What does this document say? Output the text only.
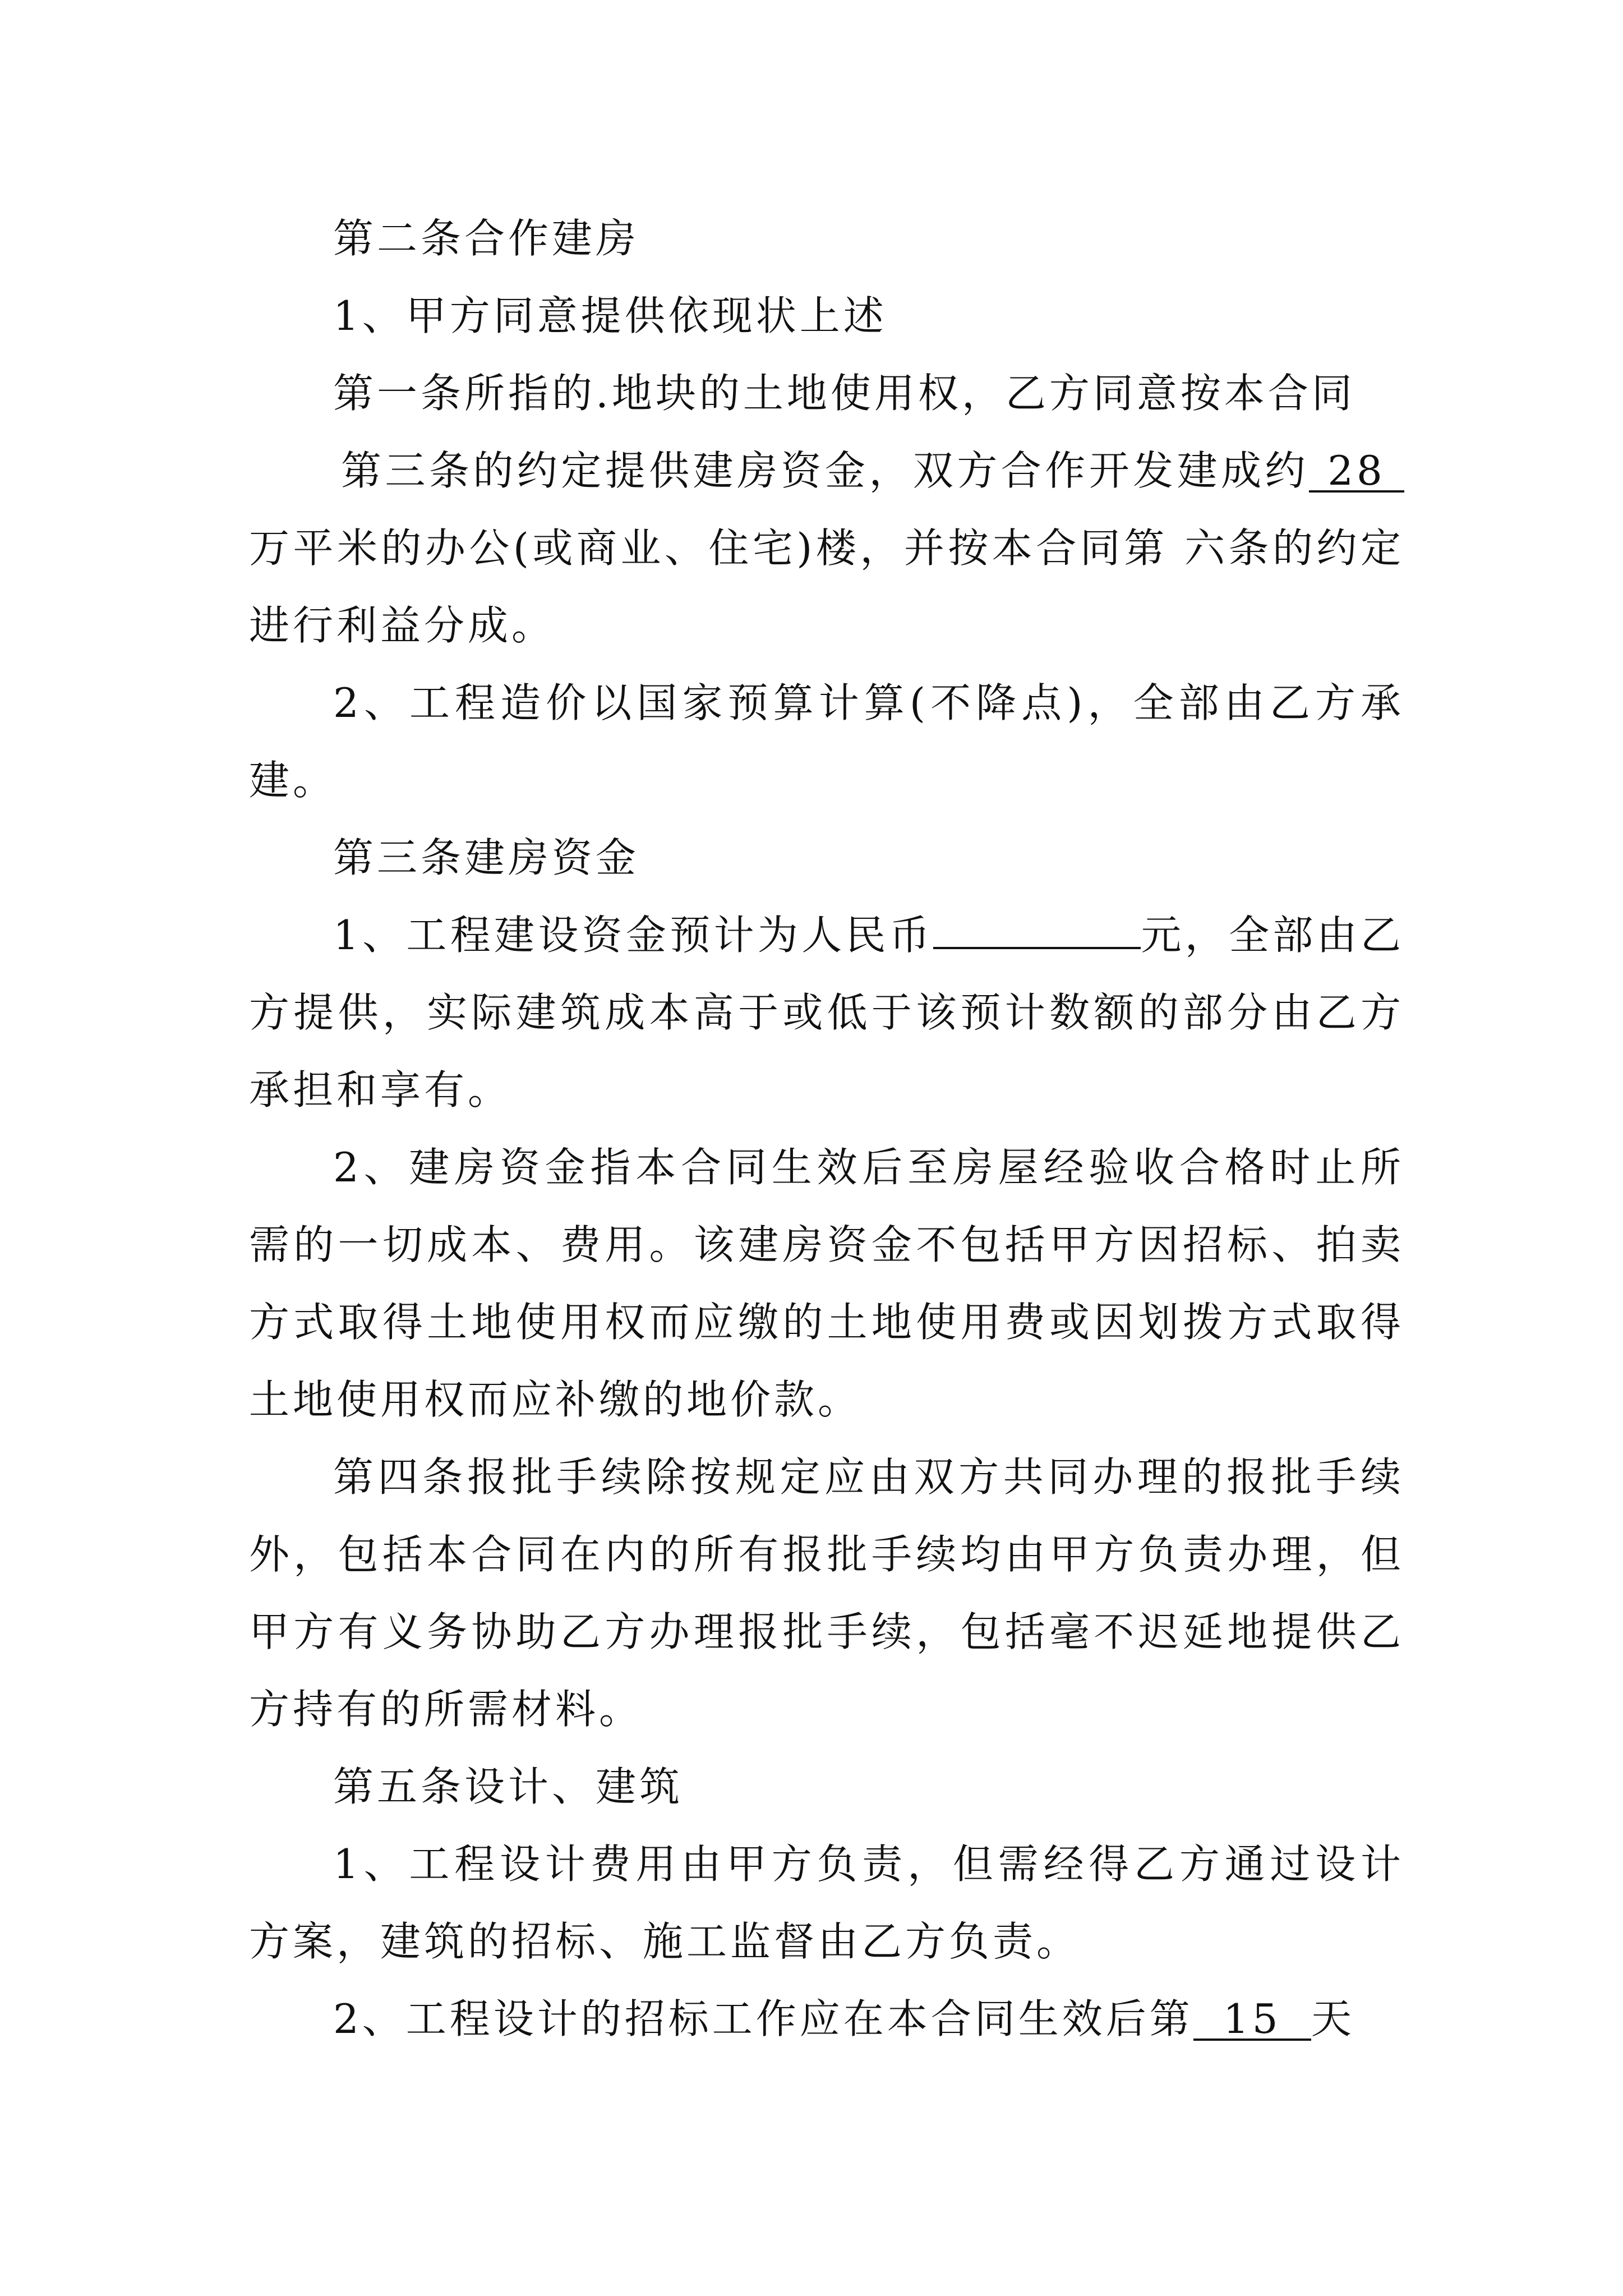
第二条合作建房

1、甲方同意提供依现状上述

第一条所指的.地块的土地使用权，乙方同意按本合同

第三条的约定提供建房资金，双方合作开发建成约 28万平米的办公(或商业、住宅)楼，并按本合同第 六条的约定进行利益分成。

2、工程造价以国家预算计算(不降点)，全部由乙方承建。

第三条建房资金

1、工程建设资金预计为人民币	元，全部由乙方提供，实际建筑成本高于或低于该预计数额的部分由乙方承担和享有。

2、建房资金指本合同生效后至房屋经验收合格时止所需的一切成本、费用。该建房资金不包括甲方因招标、拍卖方式取得土地使用权而应缴的土地使用费或因划拨方式取得土地使用权而应补缴的地价款。

第四条报批手续除按规定应由双方共同办理的报批手续外，包括本合同在内的所有报批手续均由甲方负责办理，但甲方有义务协助乙方办理报批手续，包括毫不迟延地提供乙方持有的所需材料。

第五条设计、建筑

1、工程设计费用由甲方负责，但需经得乙方通过设计方案，建筑的招标、施工监督由乙方负责。

2、工程设计的招标工作应在本合同生效后第 15 天
